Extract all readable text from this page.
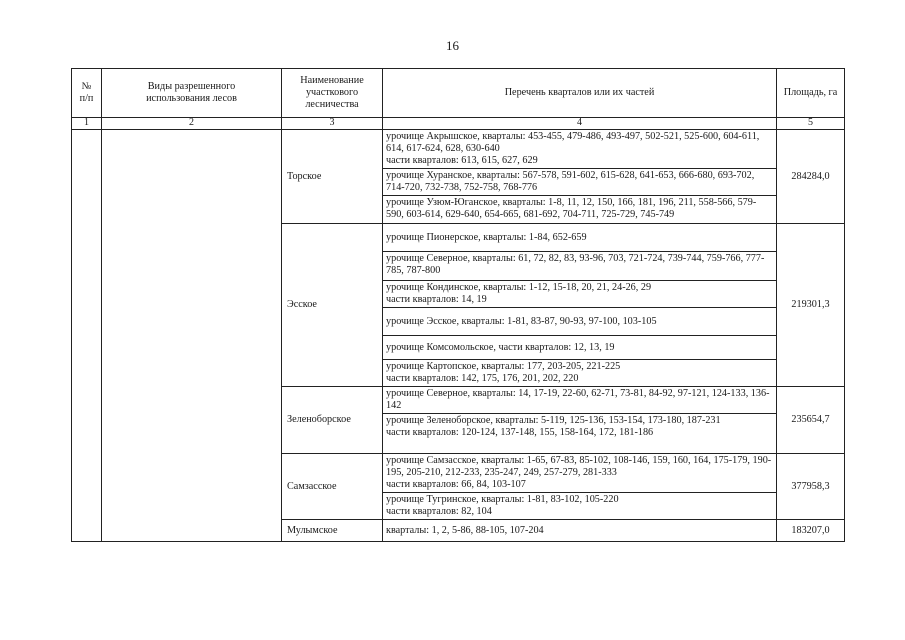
16
№
п/п	Виды разрешенного использования лесов	Наименование участкового лесничества	Перечень кварталов или их частей	Площадь, га
1	2	3	4	5
		Торское	урочище Акрышское, кварталы: 453-455, 479-486, 493-497, 502-521, 525-600, 604-611, 614, 617-624, 628, 630-640
части кварталов: 613, 615, 627, 629	284284,0
			урочище Хуранское, кварталы: 567-578, 591-602, 615-628, 641-653, 666-680, 693-702, 714-720, 732-738, 752-758, 768-776	
			урочище Узюм-Юганское, кварталы: 1-8, 11, 12, 150, 166, 181, 196, 211, 558-566, 579-590, 603-614, 629-640, 654-665, 681-692, 704-711, 725-729, 745-749	
		Эсское	урочище Пионерское, кварталы: 1-84, 652-659	219301,3
			урочище Северное, кварталы: 61, 72, 82, 83, 93-96, 703, 721-724, 739-744, 759-766, 777-785, 787-800	
			урочище Кондинское, кварталы: 1-12, 15-18, 20, 21, 24-26, 29
части кварталов: 14, 19	
			урочище Эсское, кварталы: 1-81, 83-87, 90-93, 97-100, 103-105	
			урочище Комсомольское, части кварталов: 12, 13, 19	
			урочище Картопское, кварталы: 177, 203-205, 221-225
части кварталов: 142, 175, 176, 201, 202, 220	
		Зеленоборское	урочище Северное, кварталы: 14, 17-19, 22-60, 62-71, 73-81, 84-92, 97-121, 124-133, 136-142	235654,7
			урочище Зеленоборское, кварталы: 5-119, 125-136, 153-154, 173-180, 187-231
части кварталов: 120-124, 137-148, 155, 158-164, 172, 181-186	
		Самзасское	урочище Самзасское, кварталы: 1-65, 67-83, 85-102, 108-146, 159, 160, 164, 175-179, 190-195, 205-210, 212-233, 235-247, 249, 257-279, 281-333
части кварталов: 66, 84, 103-107	377958,3
			урочище Тугринское, кварталы: 1-81, 83-102, 105-220
части кварталов: 82, 104	
		Мулымское	кварталы: 1, 2, 5-86, 88-105, 107-204	183207,0
